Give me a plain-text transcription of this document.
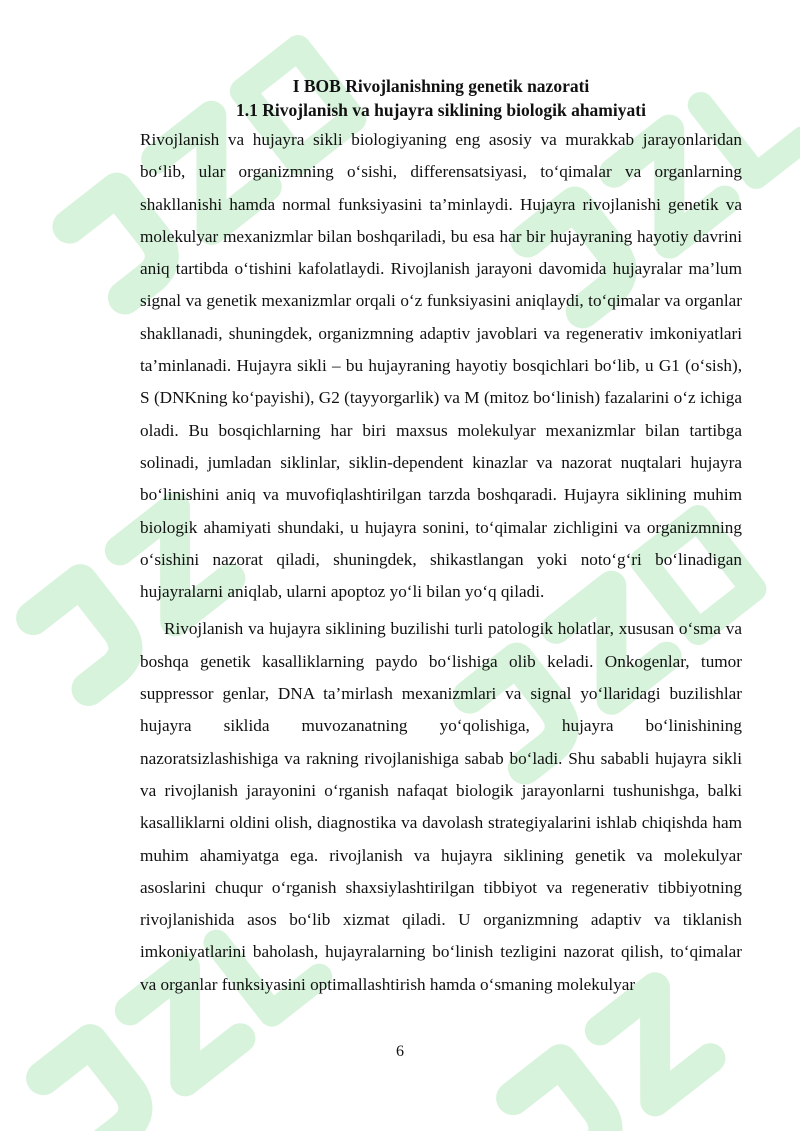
I BOB Rivojlanishning genetik nazorati
1.1 Rivojlanish va hujayra siklining biologik ahamiyati

Rivojlanish va hujayra sikli biologiyaning eng asosiy va murakkab jarayonlaridan bo‘lib, ular organizmning o‘sishi, differensatsiyasi, to‘qimalar va organlarning shakllanishi hamda normal funksiyasini ta’minlaydi. Hujayra rivojlanishi genetik va molekulyar mexanizmlar bilan boshqariladi, bu esa har bir hujayraning hayotiy davrini aniq tartibda o‘tishini kafolatlaydi. Rivojlanish jarayoni davomida hujayralar ma’lum signal va genetik mexanizmlar orqali o‘z funksiyasini aniqlaydi, to‘qimalar va organlar shakllanadi, shuningdek, organizmning adaptiv javoblari va regenerativ imkoniyatlari ta’minlanadi. Hujayra sikli – bu hujayraning hayotiy bosqichlari bo‘lib, u G1 (o‘sish), S (DNKning ko‘payishi), G2 (tayyorgarlik) va M (mitoz bo‘linish) fazalarini o‘z ichiga oladi. Bu bosqichlarning har biri maxsus molekulyar mexanizmlar bilan tartibga solinadi, jumladan siklinlar, siklin-dependent kinazlar va nazorat nuqtalari hujayra bo‘linishini aniq va muvofiqlashtirilgan tarzda boshqaradi. Hujayra siklining muhim biologik ahamiyati shundaki, u hujayra sonini, to‘qimalar zichligini va organizmning o‘sishini nazorat qiladi, shuningdek, shikastlangan yoki noto‘g‘ri bo‘linadigan hujayralarni aniqlab, ularni apoptoz yo‘li bilan yo‘q qiladi.

Rivojlanish va hujayra siklining buzilishi turli patologik holatlar, xususan o‘sma va boshqa genetik kasalliklarning paydo bo‘lishiga olib keladi. Onkogenlar, tumor suppressor genlar, DNA ta’mirlash mexanizmlari va signal yo‘llaridagi buzilishlar hujayra siklida muvozanatning yo‘qolishiga, hujayra bo‘linishining nazoratsizlashishiga va rakning rivojlanishiga sabab bo‘ladi. Shu sababli hujayra sikli va rivojlanish jarayonini o‘rganish nafaqat biologik jarayonlarni tushunishga, balki kasalliklarni oldini olish, diagnostika va davolash strategiyalarini ishlab chiqishda ham muhim ahamiyatga ega. rivojlanish va hujayra siklining genetik va molekulyar asoslarini chuqur o‘rganish shaxsiylashtirilgan tibbiyot va regenerativ tibbiyotning rivojlanishida asos bo‘lib xizmat qiladi. U organizmning adaptiv va tiklanish imkoniyatlarini baholash, hujayralarning bo‘linish tezligini nazorat qilish, to‘qimalar va organlar funksiyasini optimallashtirish hamda o‘smaning molekulyar

6
